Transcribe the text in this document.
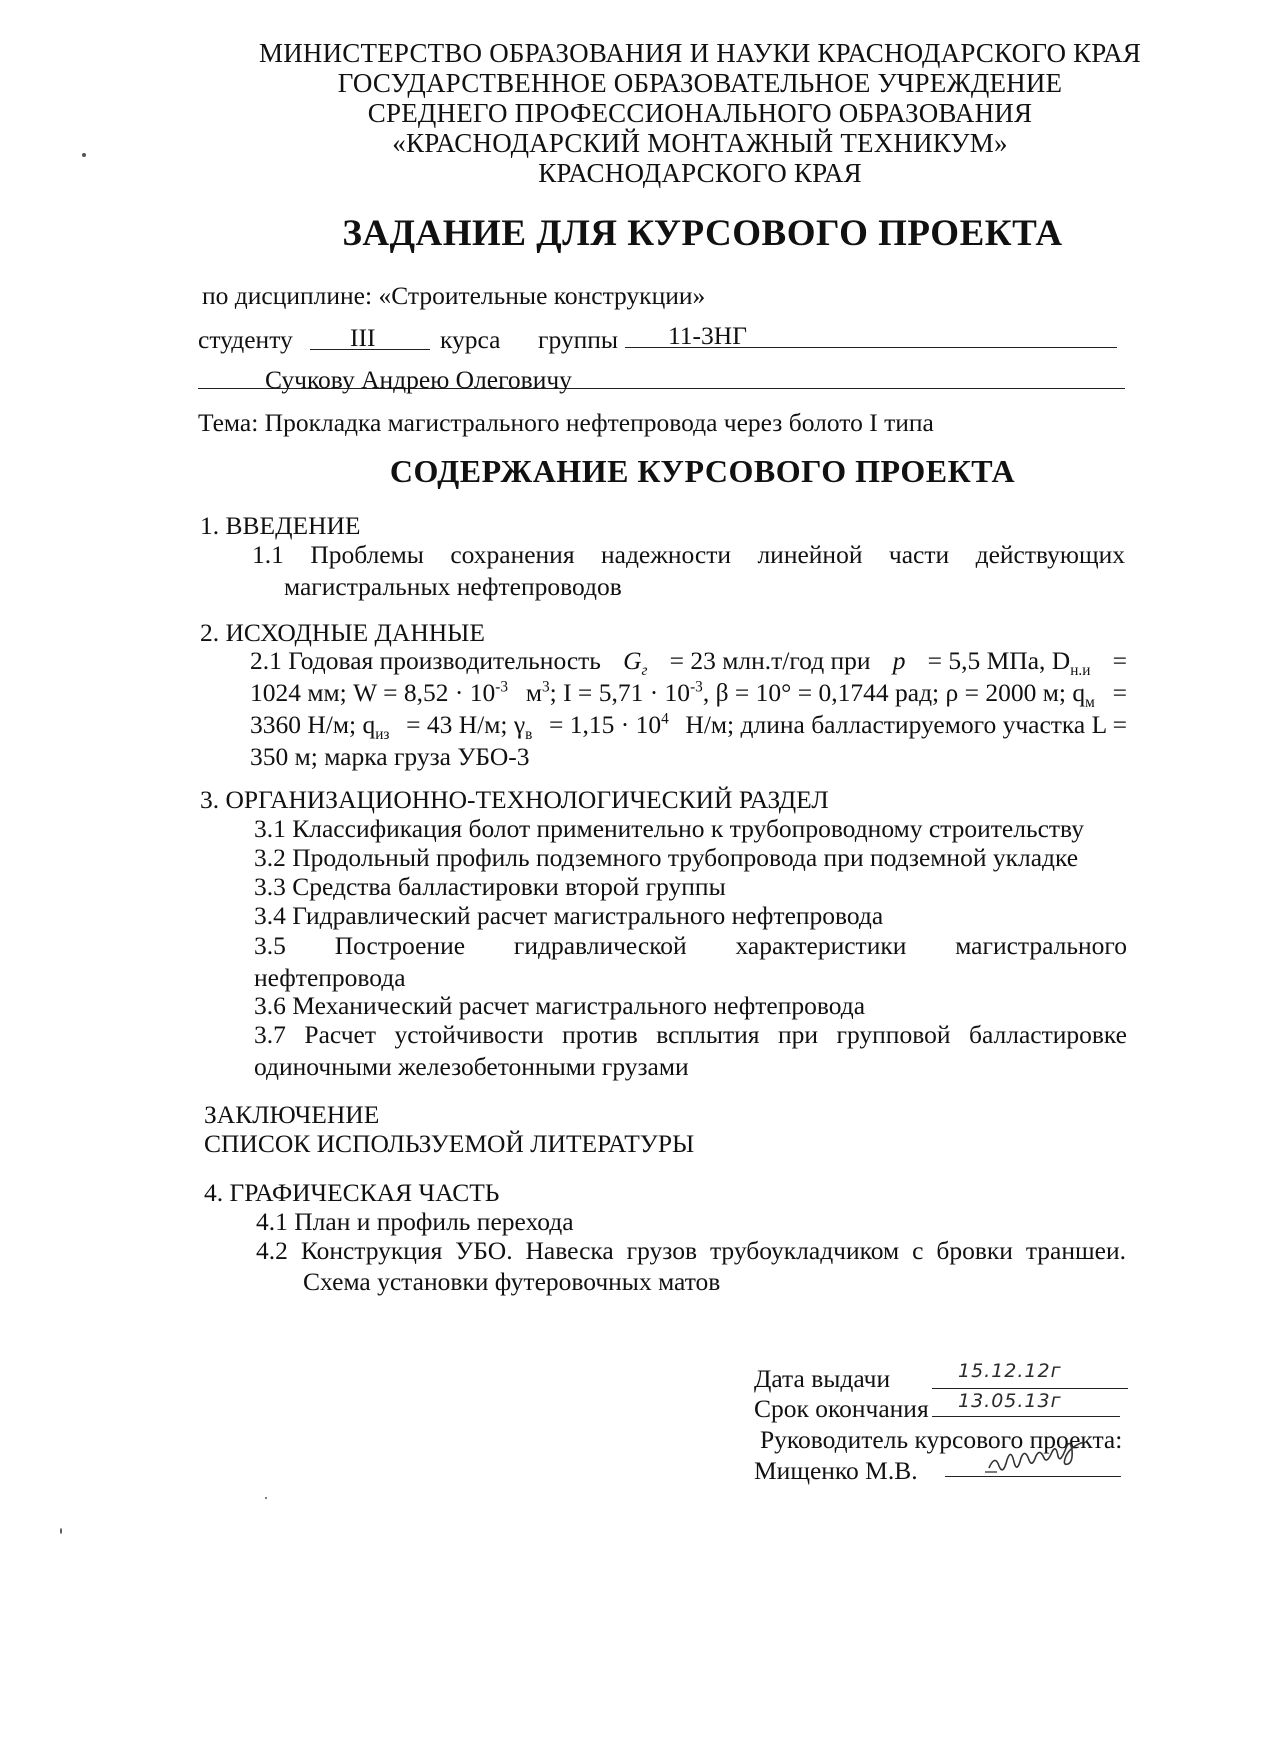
МИНИСТЕРСТВО ОБРАЗОВАНИЯ И НАУКИ КРАСНОДАРСКОГО КРАЯ
ГОСУДАРСТВЕННОЕ ОБРАЗОВАТЕЛЬНОЕ УЧРЕЖДЕНИЕ
СРЕДНЕГО ПРОФЕССИОНАЛЬНОГО ОБРАЗОВАНИЯ
«КРАСНОДАРСКИЙ МОНТАЖНЫЙ ТЕХНИКУМ»
КРАСНОДАРСКОГО КРАЯ
ЗАДАНИЕ ДЛЯ КУРСОВОГО ПРОЕКТА
по дисциплине: «Строительные конструкции»
студенту III	курса группы 11-3НГ
Сучкову Андрею Олеговичу
Тема: Прокладка магистрального нефтепровода через болото I типа
СОДЕРЖАНИЕ КУРСОВОГО ПРОЕКТА
1. ВВЕДЕНИЕ
1.1 Проблемы сохранения надежности линейной части действующих
магистральных нефтепроводов
2. ИСХОДНЫЕ ДАННЫЕ
2.1 Годовая производительность $G_г = 23$ млн.т/год при p = 5,5 МПа, $D_{н.и}$ =
1024 мм; $W = 8,52 \cdot 10^{-3}$ $м^3$; $I = 5,71 \cdot 10^{-3}$, β = 10° = 0,1744 рад; ρ = 2000 м; $q_м$ =
3360 Н/м; $q_{из} = 43$ Н/м; $\gamma_в = 1,15 \cdot 10^4$ Н/м; длина балластируемого участка L =
350 м; марка груза УБО-3
3. ОРГАНИЗАЦИОННО-ТЕХНОЛОГИЧЕСКИЙ РАЗДЕЛ
3.1 Классификация болот применительно к трубопроводному строительству
3.2 Продольный профиль подземного трубопровода при подземной укладке
3.3 Средства балластировки второй группы
3.4 Гидравлический расчет магистрального нефтепровода
3.5 Построение гидравлической характеристики магистрального
нефтепровода
3.6 Механический расчет магистрального нефтепровода
3.7 Расчет устойчивости против всплытия при групповой балластировке
одиночными железобетонными грузами
ЗАКЛЮЧЕНИЕ
СПИСОК ИСПОЛЬЗУЕМОЙ ЛИТЕРАТУРЫ
4. ГРАФИЧЕСКАЯ ЧАСТЬ
4.1 План и профиль перехода
4.2 Конструкция УБО. Навеска грузов трубоукладчиком с бровки траншеи.
Схема установки футеровочных матов
Дата выдачи	15.12.12г
Срок окончания 13.05.13г
Руководитель курсового проекта:
Мищенко М.В.
